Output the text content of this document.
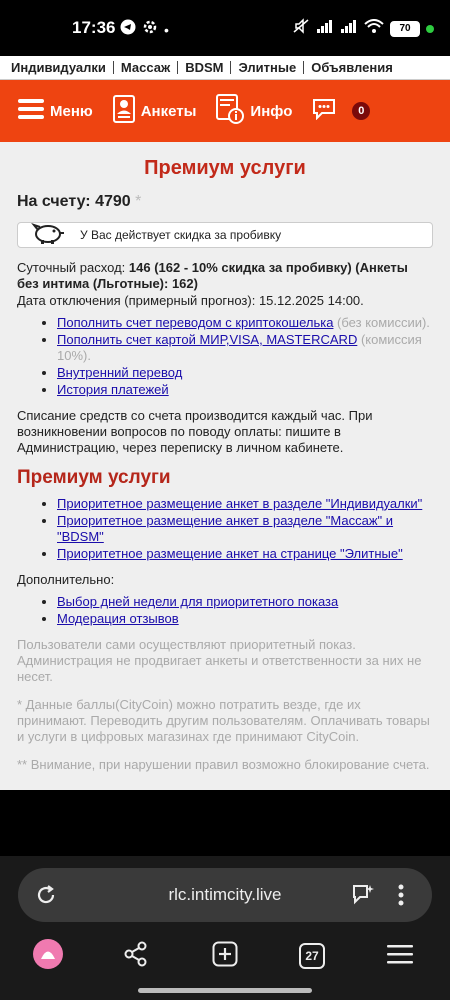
17:36	•	70
Индивидуалки	Массаж	BDSM	Элитные	Объявления
Меню	Анкеты	Инфо	0
Премиум услуги
На счету: 4790 *
У Вас действует скидка за пробивку
Суточный расход: 146 (162 - 10% скидка за пробивку) (Анкеты без интима (Льготные): 162)
Дата отключения (примерный прогноз): 15.12.2025 14:00.
• Пополнить счет переводом с криптокошелька (без комиссии).
• Пополнить счет картой МИР,VISA, MASTERCARD (комиссия 10%).
• Внутренний перевод
• История платежей
Списание средств со счета производится каждый час. При возникновении вопросов по поводу оплаты: пишите в Администрацию, через переписку в личном кабинете.
Премиум услуги
• Приоритетное размещение анкет в разделе "Индивидуалки"
• Приоритетное размещение анкет в разделе "Массаж" и "BDSM"
• Приоритетное размещение анкет на странице "Элитные"
Дополнительно:
• Выбор дней недели для приоритетного показа
• Модерация отзывов

Пользователи сами осуществляют приоритетный показ. Администрация не продвигает анкеты и ответственности за них не несет.

* Данные баллы(CityCoin) можно потратить везде, где их принимают. Переводить другим пользователям. Оплачивать товары и услуги в цифровых магазинах где принимают CityCoin.

** Внимание, при нарушении правил возможно блокирование счета.

rlc.intimcity.live
27
